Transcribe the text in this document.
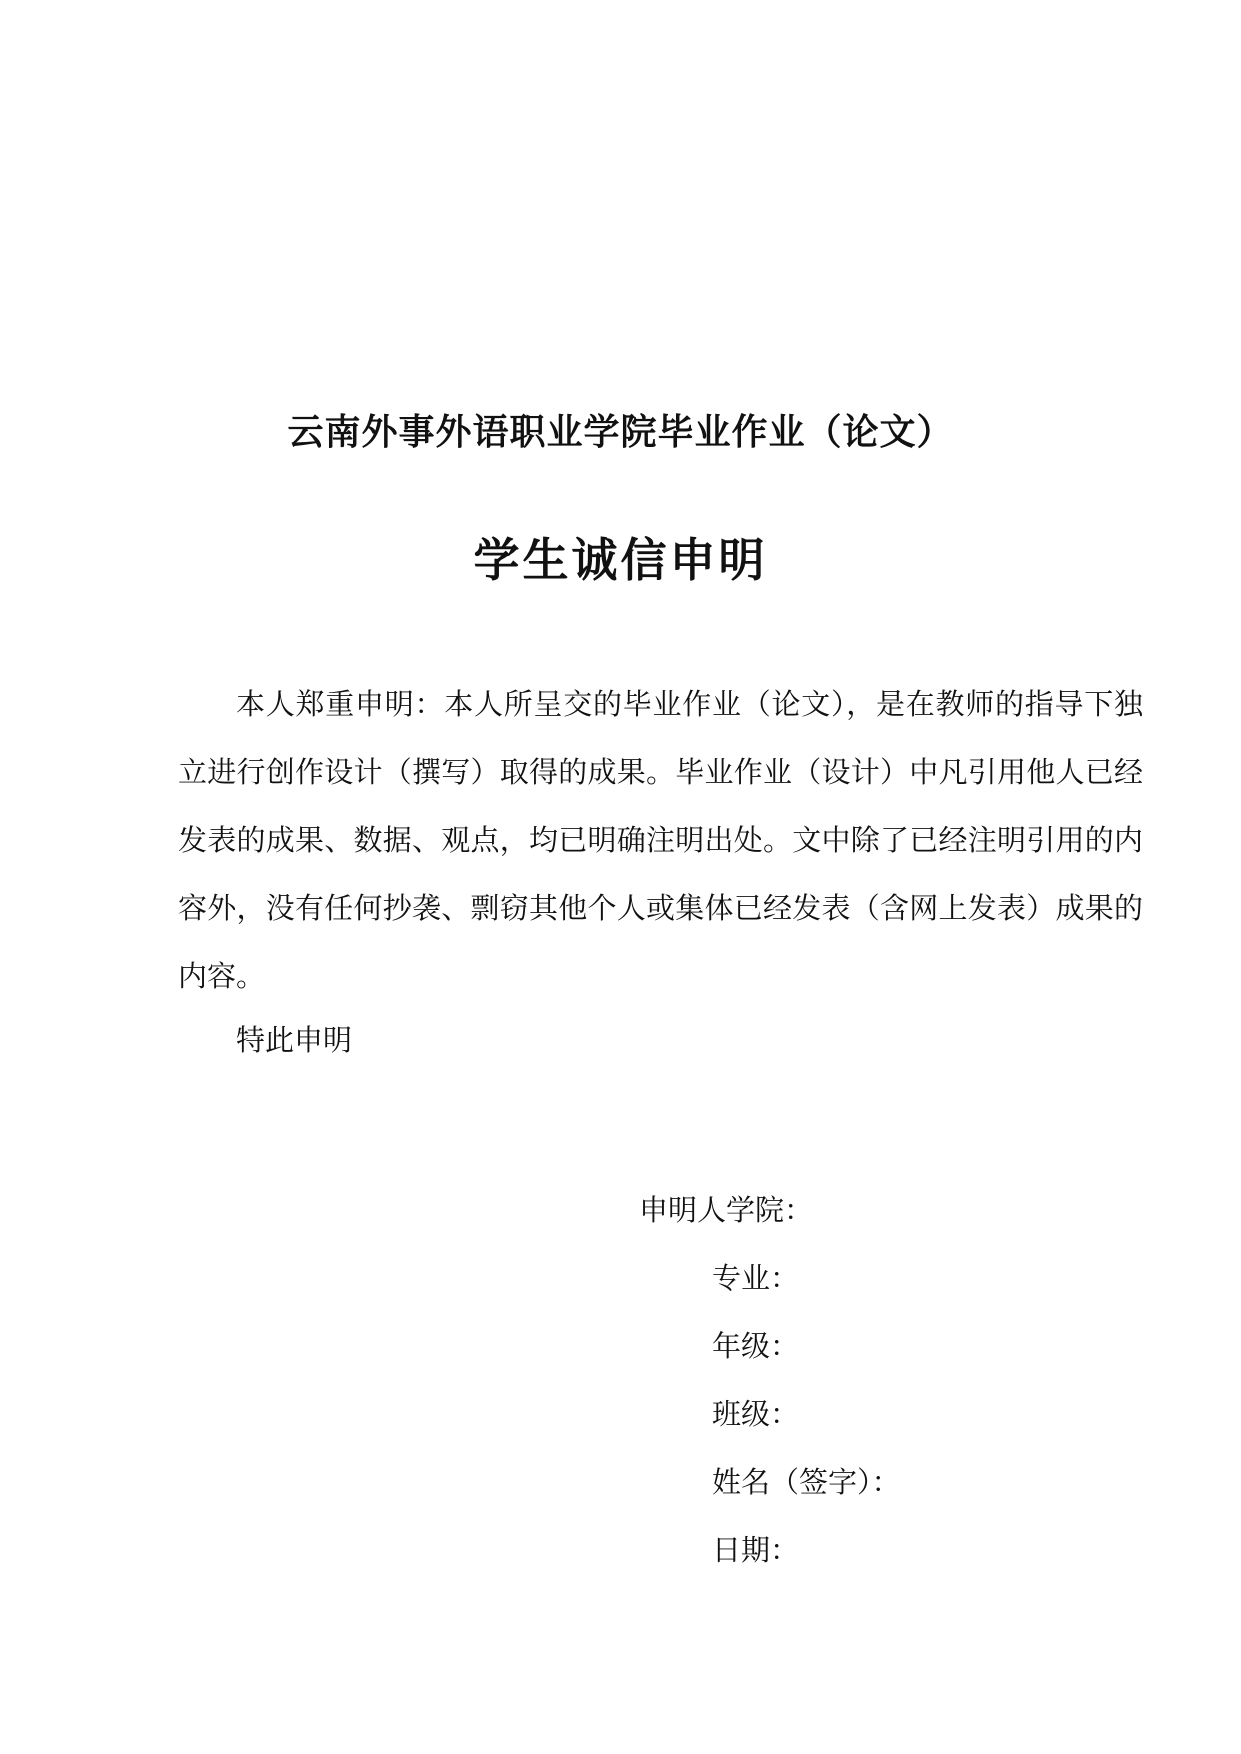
云南外事外语职业学院毕业作业（论文）
学生诚信申明

本人郑重申明：本人所呈交的毕业作业（论文），是在教师的指导下独立进行创作设计（撰写）取得的成果。毕业作业（设计）中凡引用他人已经发表的成果、数据、观点，均已明确注明出处。文中除了已经注明引用的内容外，没有任何抄袭、剽窃其他个人或集体已经发表（含网上发表）成果的内容。

特此申明

申明人学院：
专业：
年级：
班级：
姓名（签字）：
日期：
